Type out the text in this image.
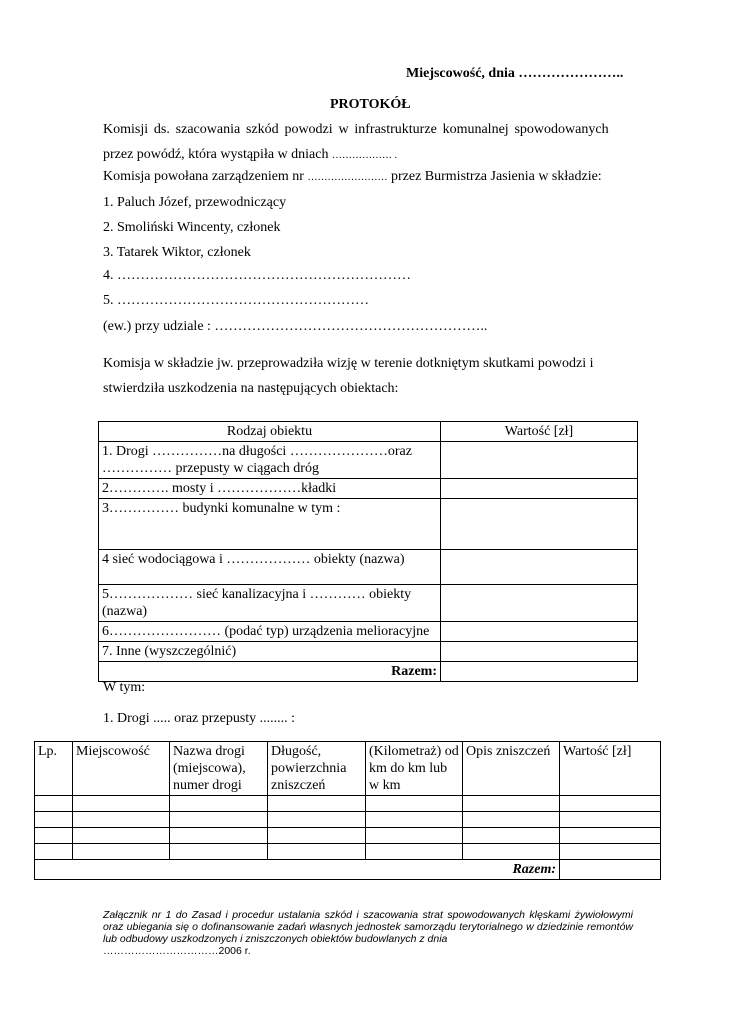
Miejscowość, dnia …………………..
PROTOKÓŁ
Komisji ds. szacowania szkód powodzi w infrastrukturze komunalnej spowodowanych
przez powódź, która wystąpiła w dniach ……………… .
Komisja powołana zarządzeniem nr …………………… przez Burmistrza Jasienia w składzie:
1. Paluch Józef, przewodniczący
2. Smoliński Wincenty, członek
3. Tatarek Wiktor, członek
4. ………………………………………………………
5. ………………………………………………
(ew.) przy udziale : …………………………………………………..
Komisja w składzie jw. przeprowadziła wizję w terenie dotkniętym skutkami powodzi i
stwierdziła uszkodzenia na następujących obiektach:
Rodzaj obiektu	Wartość [zł]
1. Drogi ……………na długości …………………oraz …………… przepusty w ciągach dróg	
2…………. mosty i ………………kładki	
3…………… budynki komunalne w tym :	
4 sieć wodociągowa i ……………… obiekty (nazwa)	
5……………… sieć kanalizacyjna i ………… obiekty (nazwa)	
6…………………… (podać typ) urządzenia melioracyjne	
7. Inne (wyszczególnić)	
Razem:	
W tym:
1. Drogi ..... oraz przepusty ........ :
Lp.	Miejscowość	Nazwa drogi (miejscowa), numer drogi	Długość, powierzchnia zniszczeń	(Kilometraż) od km do km lub w km	Opis zniszczeń	Wartość [zł]

Razem:						
Załącznik nr 1 do Zasad i procedur ustalania szkód i szacowania strat spowodowanych klęskami żywiołowymi oraz ubiegania się o dofinansowanie zadań własnych jednostek samorządu terytorialnego w dziedzinie remontów lub odbudowy uszkodzonych i zniszczonych obiektów budowlanych z dnia
……………………………2006 r.
